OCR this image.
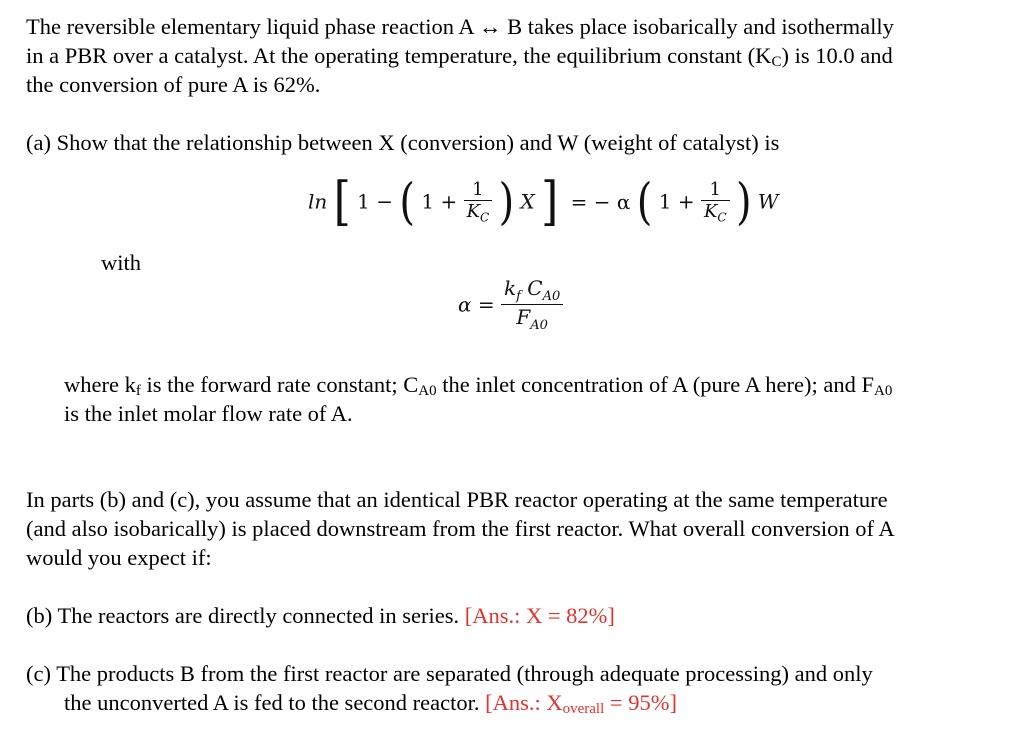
The reversible elementary liquid phase reaction A ↔ B takes place isobarically and isothermally
in a PBR over a catalyst. At the operating temperature, the equilibrium constant $(K_C)$ is 10.0 and
the conversion of pure A is 62%.
(a) Show that the relationship between X (conversion) and W (weight of catalyst) is
ln [ 1 − ( $1 + \frac{1}{K_C}$ ) X ] = − α ( $1 + \frac{1}{K_C}$ ) W
with
$\alpha = \frac{k_f C_{A0}}{F_{A0}}$
where $k_f$ is the forward rate constant; $C_{A0}$ the inlet concentration of A (pure A here); and $F_{A0}$
is the inlet molar flow rate of A.
In parts (b) and (c), you assume that an identical PBR reactor operating at the same temperature
(and also isobarically) is placed downstream from the first reactor. What overall conversion of A
would you expect if:
(b) The reactors are directly connected in series. [Ans.: X = 82%]
(c) The products B from the first reactor are separated (through adequate processing) and only
the unconverted A is fed to the second reactor. [Ans.: $X_{overall} = 95\%$]
